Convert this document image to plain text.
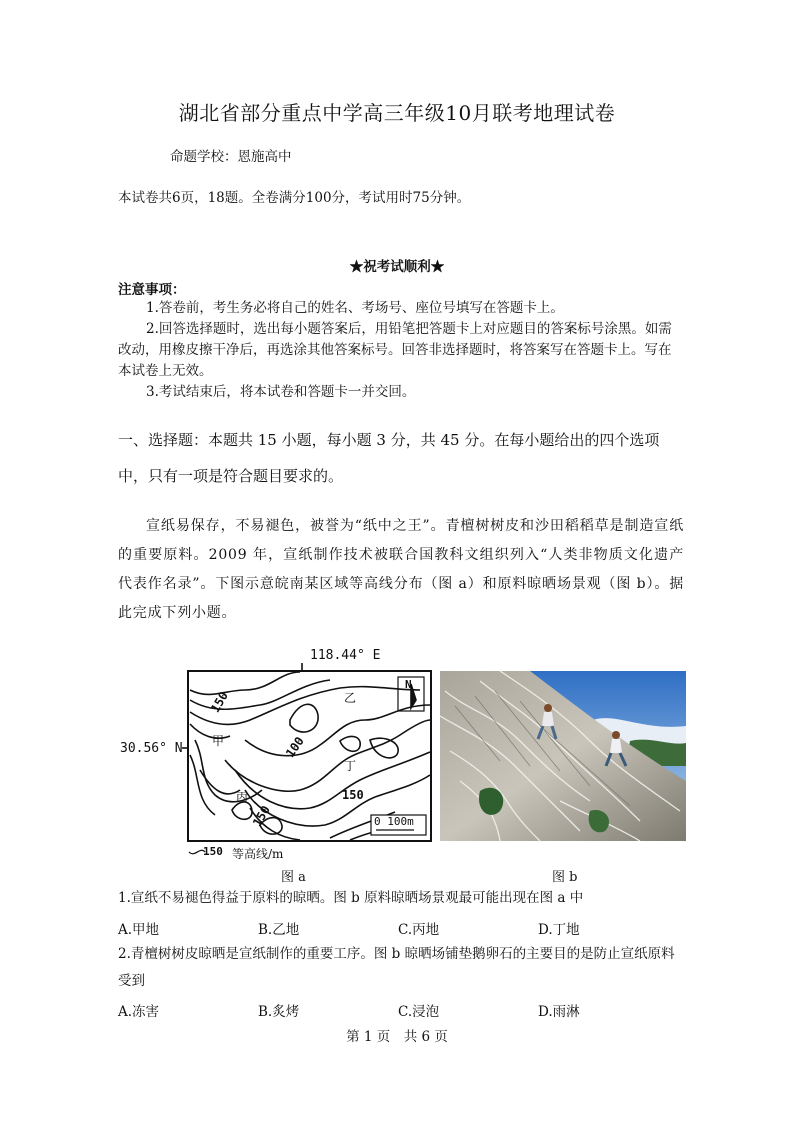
湖北省部分重点中学高三年级10月联考地理试卷
命题学校：恩施高中
本试卷共6页，18题。全卷满分100分，考试用时75分钟。
★祝考试顺利★
注意事项：
1.答卷前，考生务必将自己的姓名、考场号、座位号填写在答题卡上。
2.回答选择题时，选出每小题答案后，用铅笔把答题卡上对应题目的答案标号涂黑。如需改动，用橡皮擦干净后，再选涂其他答案标号。回答非选择题时，将答案写在答题卡上。写在本试卷上无效。
3.考试结束后，将本试卷和答题卡一并交回。
一、选择题：本题共 15 小题，每小题 3 分，共 45 分。在每小题给出的四个选项中，只有一项是符合题目要求的。
宣纸易保存，不易褪色，被誉为“纸中之王”。青檀树树皮和沙田稻稻草是制造宣纸的重要原料。2009 年，宣纸制作技术被联合国教科文组织列入“人类非物质文化遗产代表作名录”。下图示意皖南某区域等高线分布（图 a）和原料晾晒场景观（图 b）。据此完成下列小题。
118.44° E
30.56° N
N
甲
乙
丙
丁
150
100
150
150
0 100m
150 等高线/m
图 a	图 b
1.宣纸不易褪色得益于原料的晾晒。图 b 原料晾晒场景观最可能出现在图 a 中
A.甲地	B.乙地	C.丙地	D.丁地
2.青檀树树皮晾晒是宣纸制作的重要工序。图 b 晾晒场铺垫鹅卵石的主要目的是防止宣纸原料受到
A.冻害	B.炙烤	C.浸泡	D.雨淋
第 1 页　共 6 页
